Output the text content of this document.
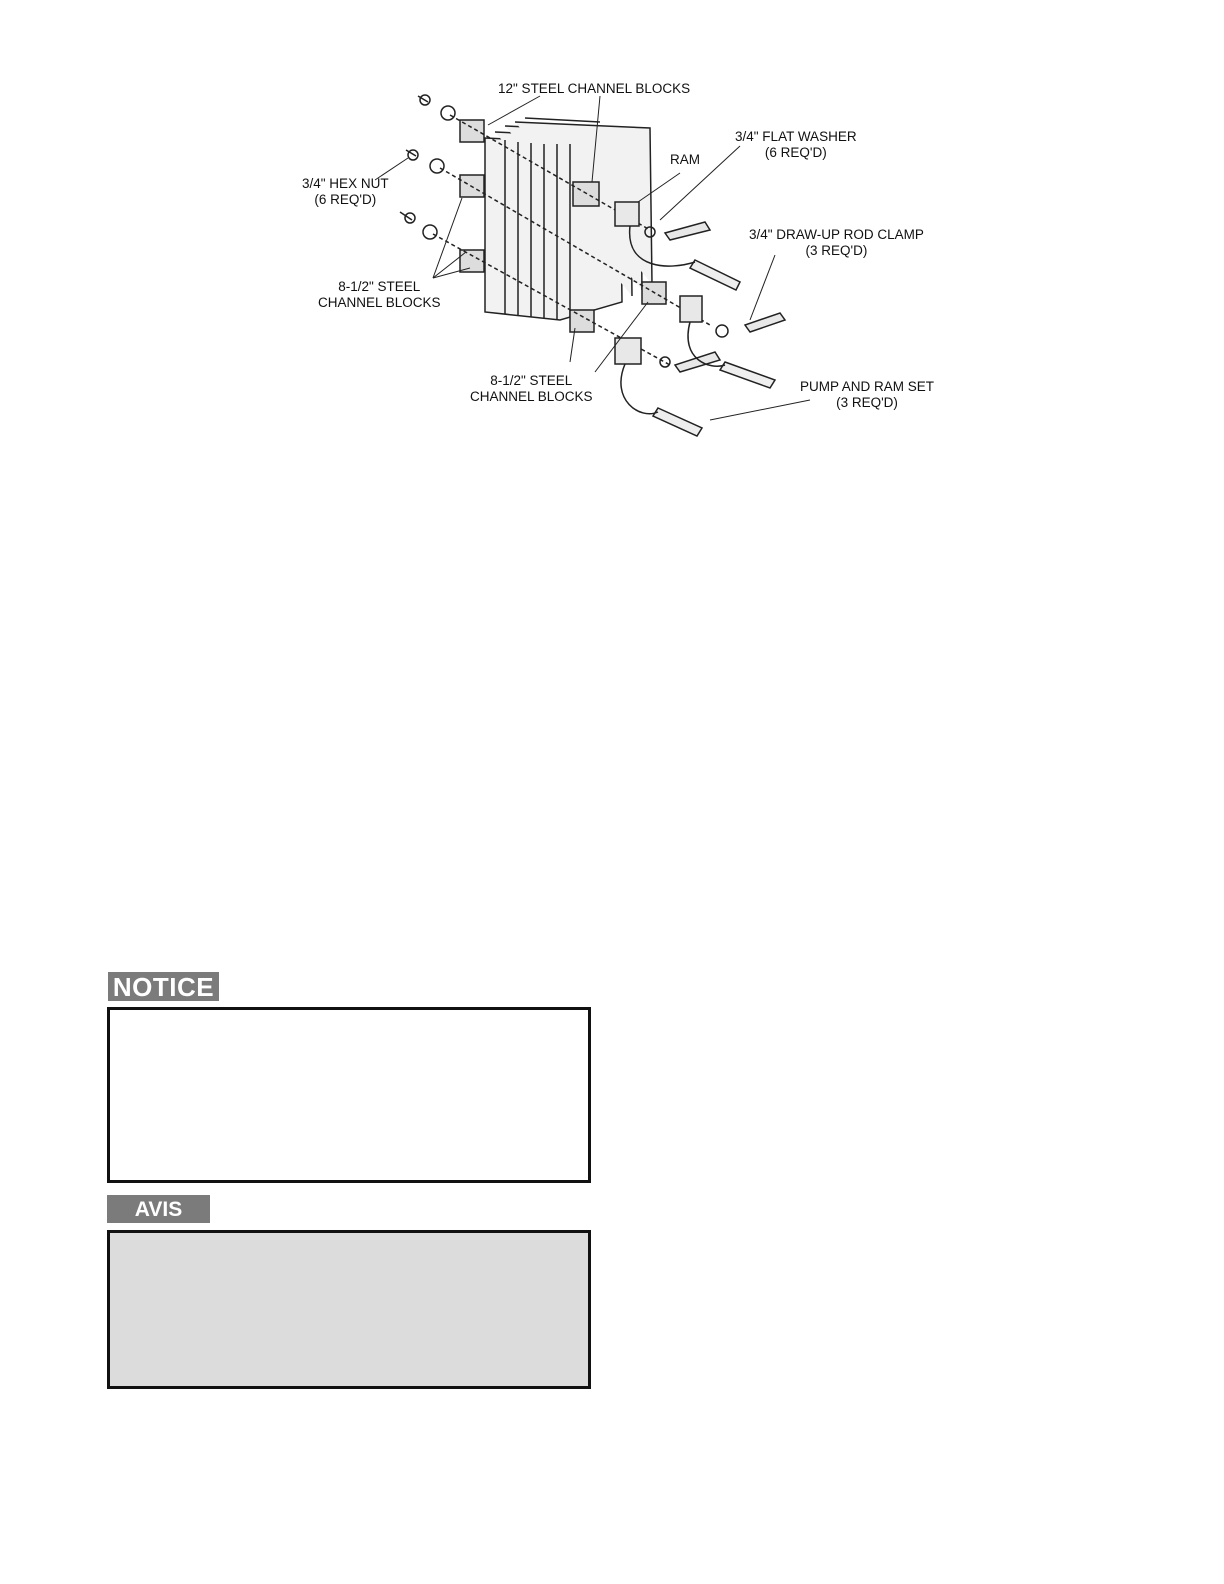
12" STEEL CHANNEL BLOCKS
RAM
3/4" FLAT WASHER
(6 REQ'D)
3/4" HEX NUT
(6 REQ'D)
3/4" DRAW-UP ROD CLAMP
(3 REQ'D)
8-1/2" STEEL
CHANNEL BLOCKS
8-1/2" STEEL
CHANNEL BLOCKS
PUMP AND RAM SET
(3 REQ'D)
NOTICE
AVIS
